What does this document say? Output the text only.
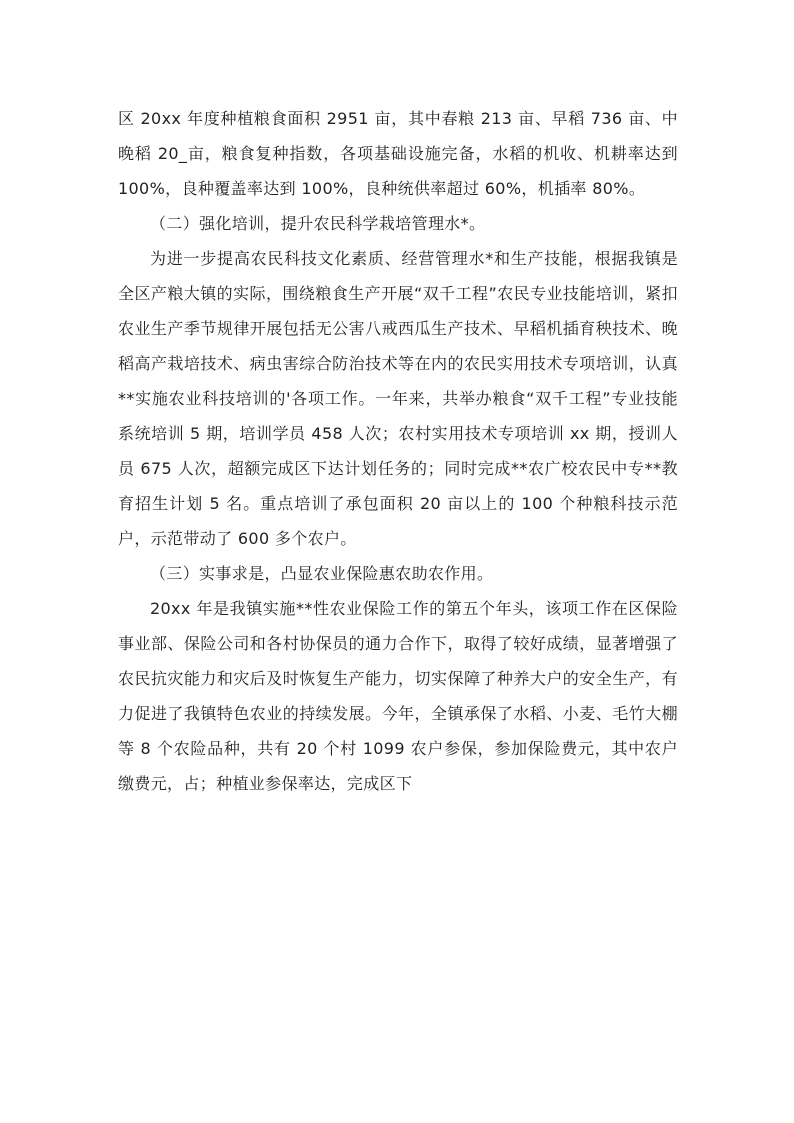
区 20xx 年度种植粮食面积 2951 亩，其中春粮 213 亩、早稻 736 亩、中晚稻 20_亩，粮食复种指数，各项基础设施完备，水稻的机收、机耕率达到 100%，良种覆盖率达到 100%，良种统供率超过 60%，机插率 80%。

（二）强化培训，提升农民科学栽培管理水*。

为进一步提高农民科技文化素质、经营管理水*和生产技能，根据我镇是全区产粮大镇的实际，围绕粮食生产开展“双千工程”农民专业技能培训，紧扣农业生产季节规律开展包括无公害八戒西瓜生产技术、早稻机插育秧技术、晚稻高产栽培技术、病虫害综合防治技术等在内的农民实用技术专项培训，认真**实施农业科技培训的'各项工作。一年来，共举办粮食“双千工程”专业技能系统培训 5 期，培训学员 458 人次；农村实用技术专项培训 xx 期，授训人员 675 人次，超额完成区下达计划任务的；同时完成**农广校农民中专**教育招生计划 5 名。重点培训了承包面积 20 亩以上的 100 个种粮科技示范户，示范带动了 600 多个农户。

（三）实事求是，凸显农业保险惠农助农作用。

20xx 年是我镇实施**性农业保险工作的第五个年头，该项工作在区保险事业部、保险公司和各村协保员的通力合作下，取得了较好成绩，显著增强了农民抗灾能力和灾后及时恢复生产能力，切实保障了种养大户的安全生产，有力促进了我镇特色农业的持续发展。今年，全镇承保了水稻、小麦、毛竹大棚等 8 个农险品种，共有 20 个村 1099 农户参保，参加保险费元，其中农户缴费元，占；种植业参保率达，完成区下
